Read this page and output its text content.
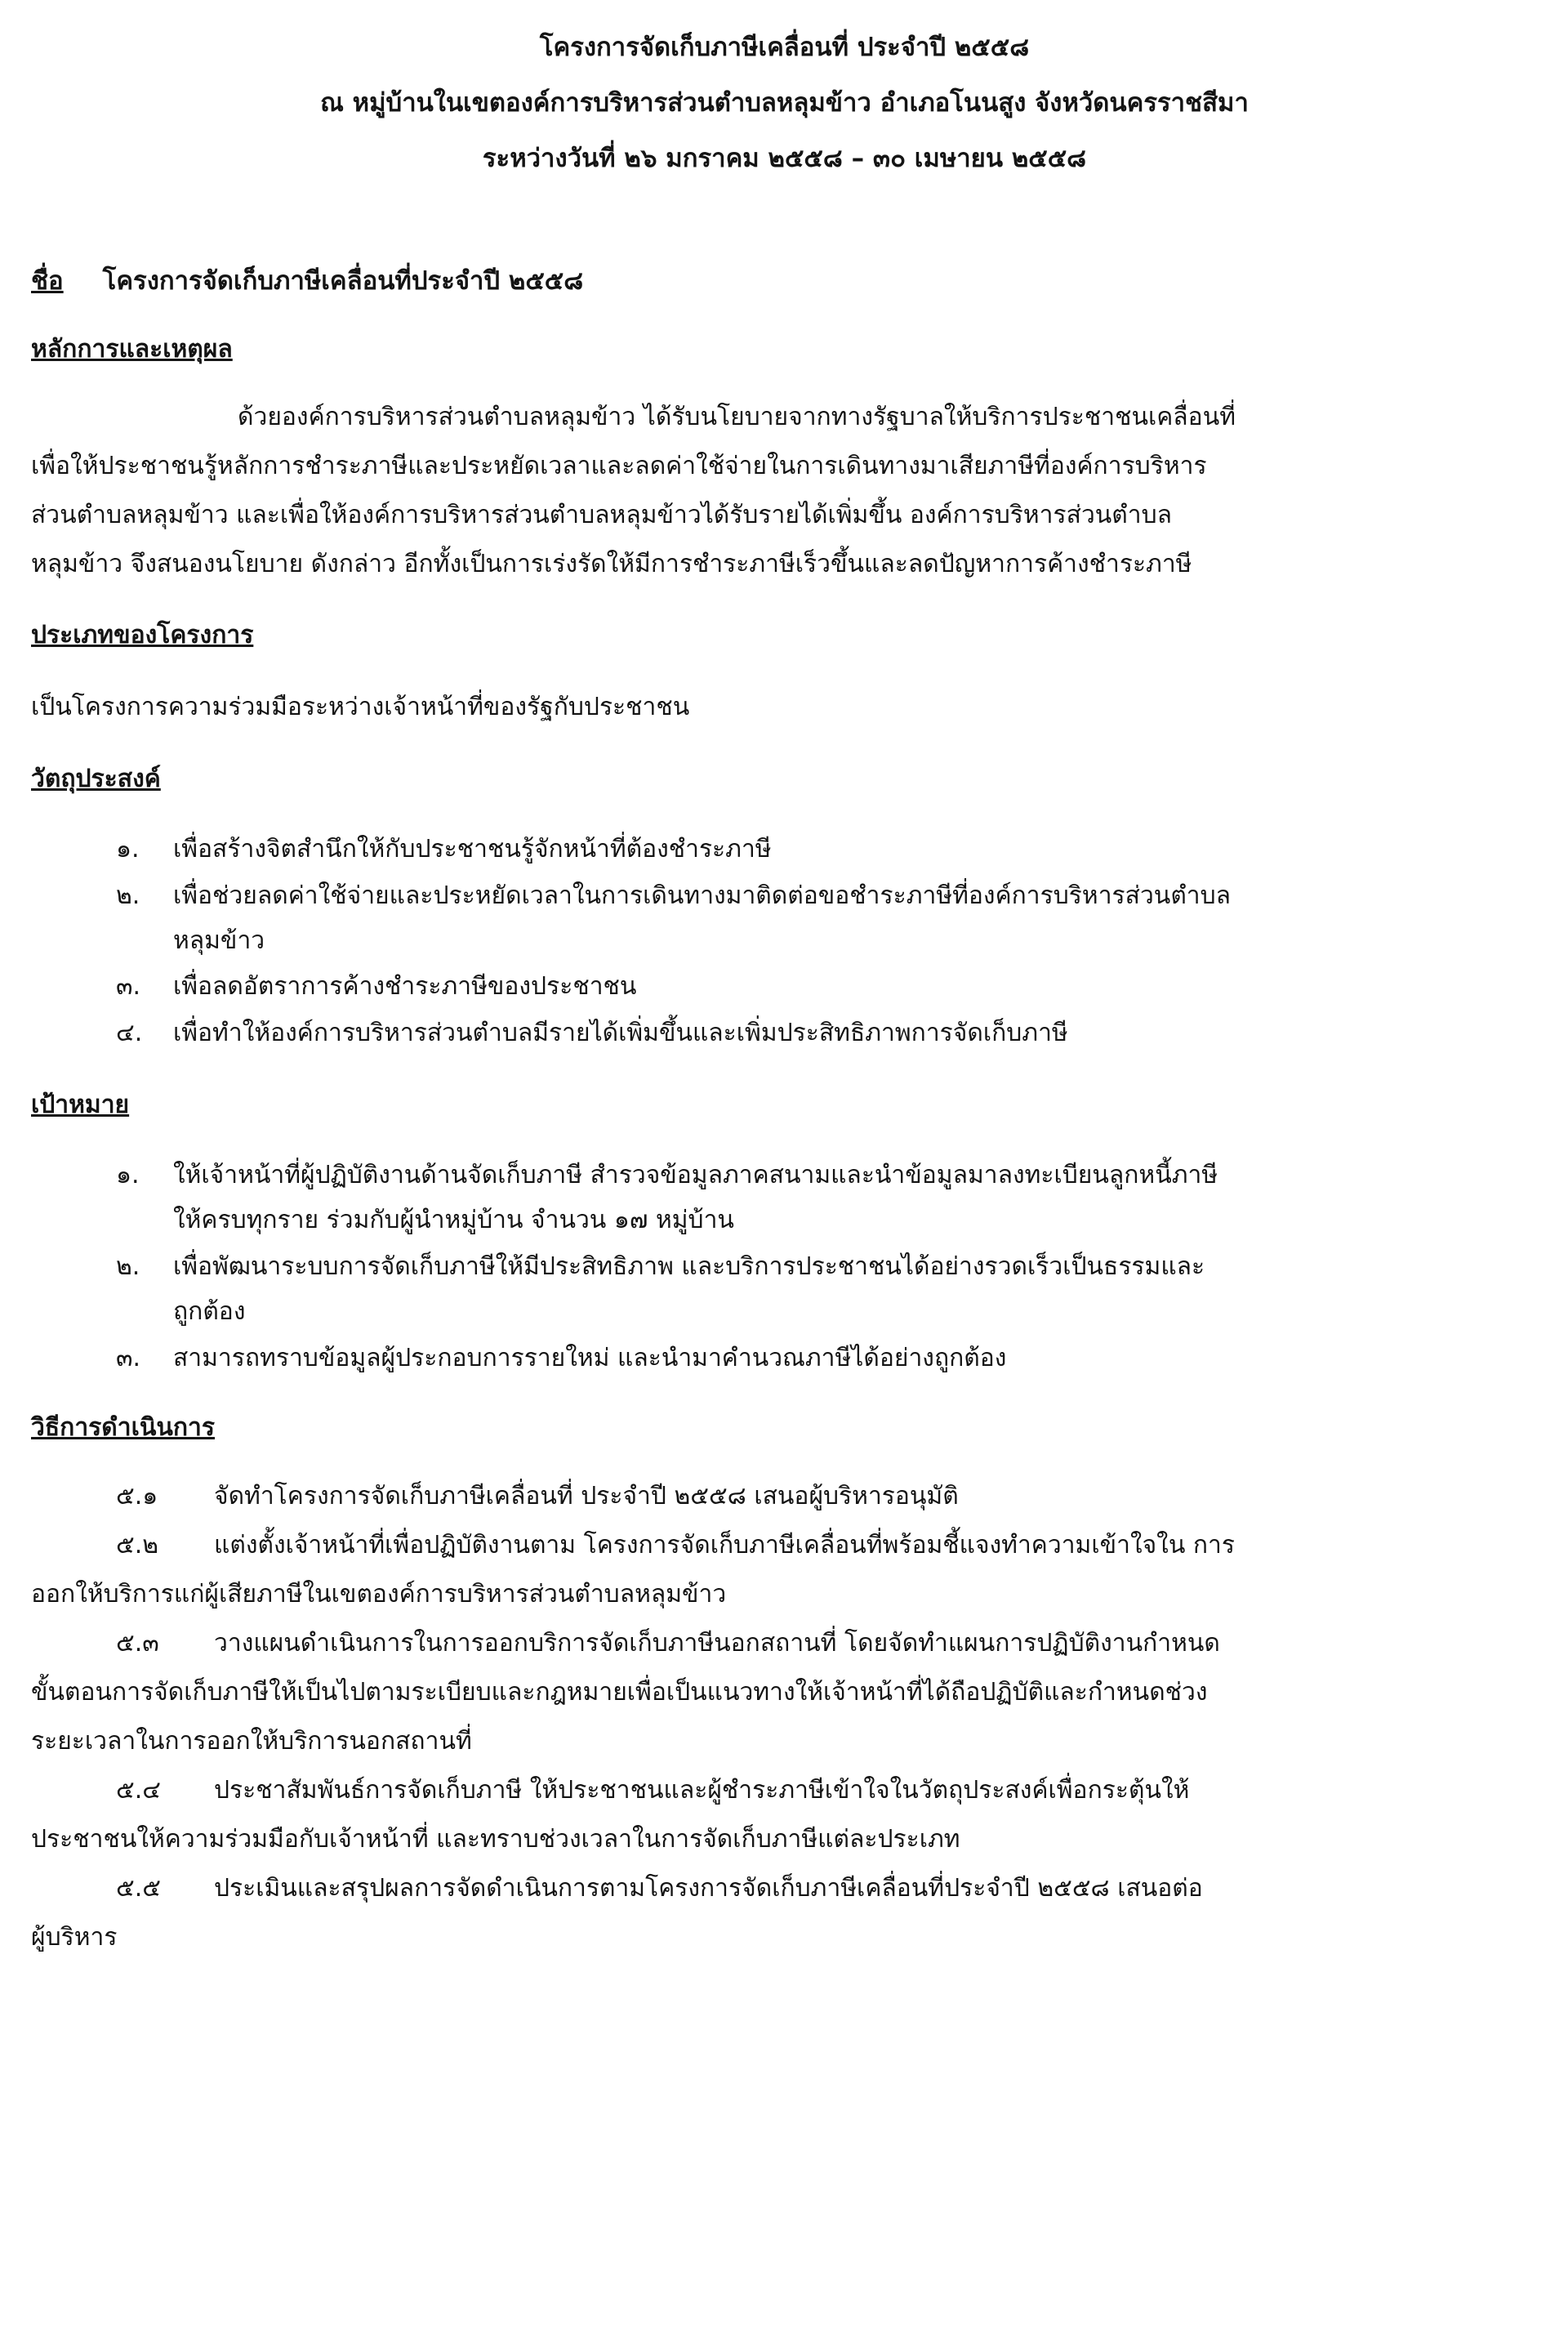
โครงการจัดเก็บภาษีเคลื่อนที่ ประจำปี ๒๕๕๘
ณ หมู่บ้านในเขตองค์การบริหารส่วนตำบลหลุมข้าว อำเภอโนนสูง จังหวัดนครราชสีมา
ระหว่างวันที่ ๒๖ มกราคม ๒๕๕๘ – ๓๐ เมษายน ๒๕๕๘
ชื่อ โครงการจัดเก็บภาษีเคลื่อนที่ประจำปี ๒๕๕๘
หลักการและเหตุผล
ด้วยองค์การบริหารส่วนตำบลหลุมข้าว ได้รับนโยบายจากทางรัฐบาลให้บริการประชาชนเคลื่อนที่
เพื่อให้ประชาชนรู้หลักการชำระภาษีและประหยัดเวลาและลดค่าใช้จ่ายในการเดินทางมาเสียภาษีที่องค์การบริหาร
ส่วนตำบลหลุมข้าว และเพื่อให้องค์การบริหารส่วนตำบลหลุมข้าวได้รับรายได้เพิ่มขึ้น องค์การบริหารส่วนตำบล
หลุมข้าว จึงสนองนโยบาย ดังกล่าว อีกทั้งเป็นการเร่งรัดให้มีการชำระภาษีเร็วขึ้นและลดปัญหาการค้างชำระภาษี
ประเภทของโครงการ
เป็นโครงการความร่วมมือระหว่างเจ้าหน้าที่ของรัฐกับประชาชน
วัตถุประสงค์
๑.	เพื่อสร้างจิตสำนึกให้กับประชาชนรู้จักหน้าที่ต้องชำระภาษี
๒.	เพื่อช่วยลดค่าใช้จ่ายและประหยัดเวลาในการเดินทางมาติดต่อขอชำระภาษีที่องค์การบริหารส่วนตำบล
หลุมข้าว
๓.	เพื่อลดอัตราการค้างชำระภาษีของประชาชน
๔.	เพื่อทำให้องค์การบริหารส่วนตำบลมีรายได้เพิ่มขึ้นและเพิ่มประสิทธิภาพการจัดเก็บภาษี
เป้าหมาย
๑.	ให้เจ้าหน้าที่ผู้ปฏิบัติงานด้านจัดเก็บภาษี สำรวจข้อมูลภาคสนามและนำข้อมูลมาลงทะเบียนลูกหนี้ภาษี
ให้ครบทุกราย ร่วมกับผู้นำหมู่บ้าน จำนวน ๑๗ หมู่บ้าน
๒.	เพื่อพัฒนาระบบการจัดเก็บภาษีให้มีประสิทธิภาพ และบริการประชาชนได้อย่างรวดเร็วเป็นธรรมและ
ถูกต้อง
๓.	สามารถทราบข้อมูลผู้ประกอบการรายใหม่ และนำมาคำนวณภาษีได้อย่างถูกต้อง
วิธีการดำเนินการ
๕.๑ จัดทำโครงการจัดเก็บภาษีเคลื่อนที่ ประจำปี ๒๕๕๘ เสนอผู้บริหารอนุมัติ
๕.๒ แต่งตั้งเจ้าหน้าที่เพื่อปฏิบัติงานตาม โครงการจัดเก็บภาษีเคลื่อนที่พร้อมชี้แจงทำความเข้าใจใน การ
ออกให้บริการแก่ผู้เสียภาษีในเขตองค์การบริหารส่วนตำบลหลุมข้าว
๕.๓ วางแผนดำเนินการในการออกบริการจัดเก็บภาษีนอกสถานที่ โดยจัดทำแผนการปฏิบัติงานกำหนด
ขั้นตอนการจัดเก็บภาษีให้เป็นไปตามระเบียบและกฎหมายเพื่อเป็นแนวทางให้เจ้าหน้าที่ได้ถือปฏิบัติและกำหนดช่วง
ระยะเวลาในการออกให้บริการนอกสถานที่
๕.๔ ประชาสัมพันธ์การจัดเก็บภาษี ให้ประชาชนและผู้ชำระภาษีเข้าใจในวัตถุประสงค์เพื่อกระตุ้นให้
ประชาชนให้ความร่วมมือกับเจ้าหน้าที่ และทราบช่วงเวลาในการจัดเก็บภาษีแต่ละประเภท
๕.๕ ประเมินและสรุปผลการจัดดำเนินการตามโครงการจัดเก็บภาษีเคลื่อนที่ประจำปี ๒๕๕๘ เสนอต่อ
ผู้บริหาร
